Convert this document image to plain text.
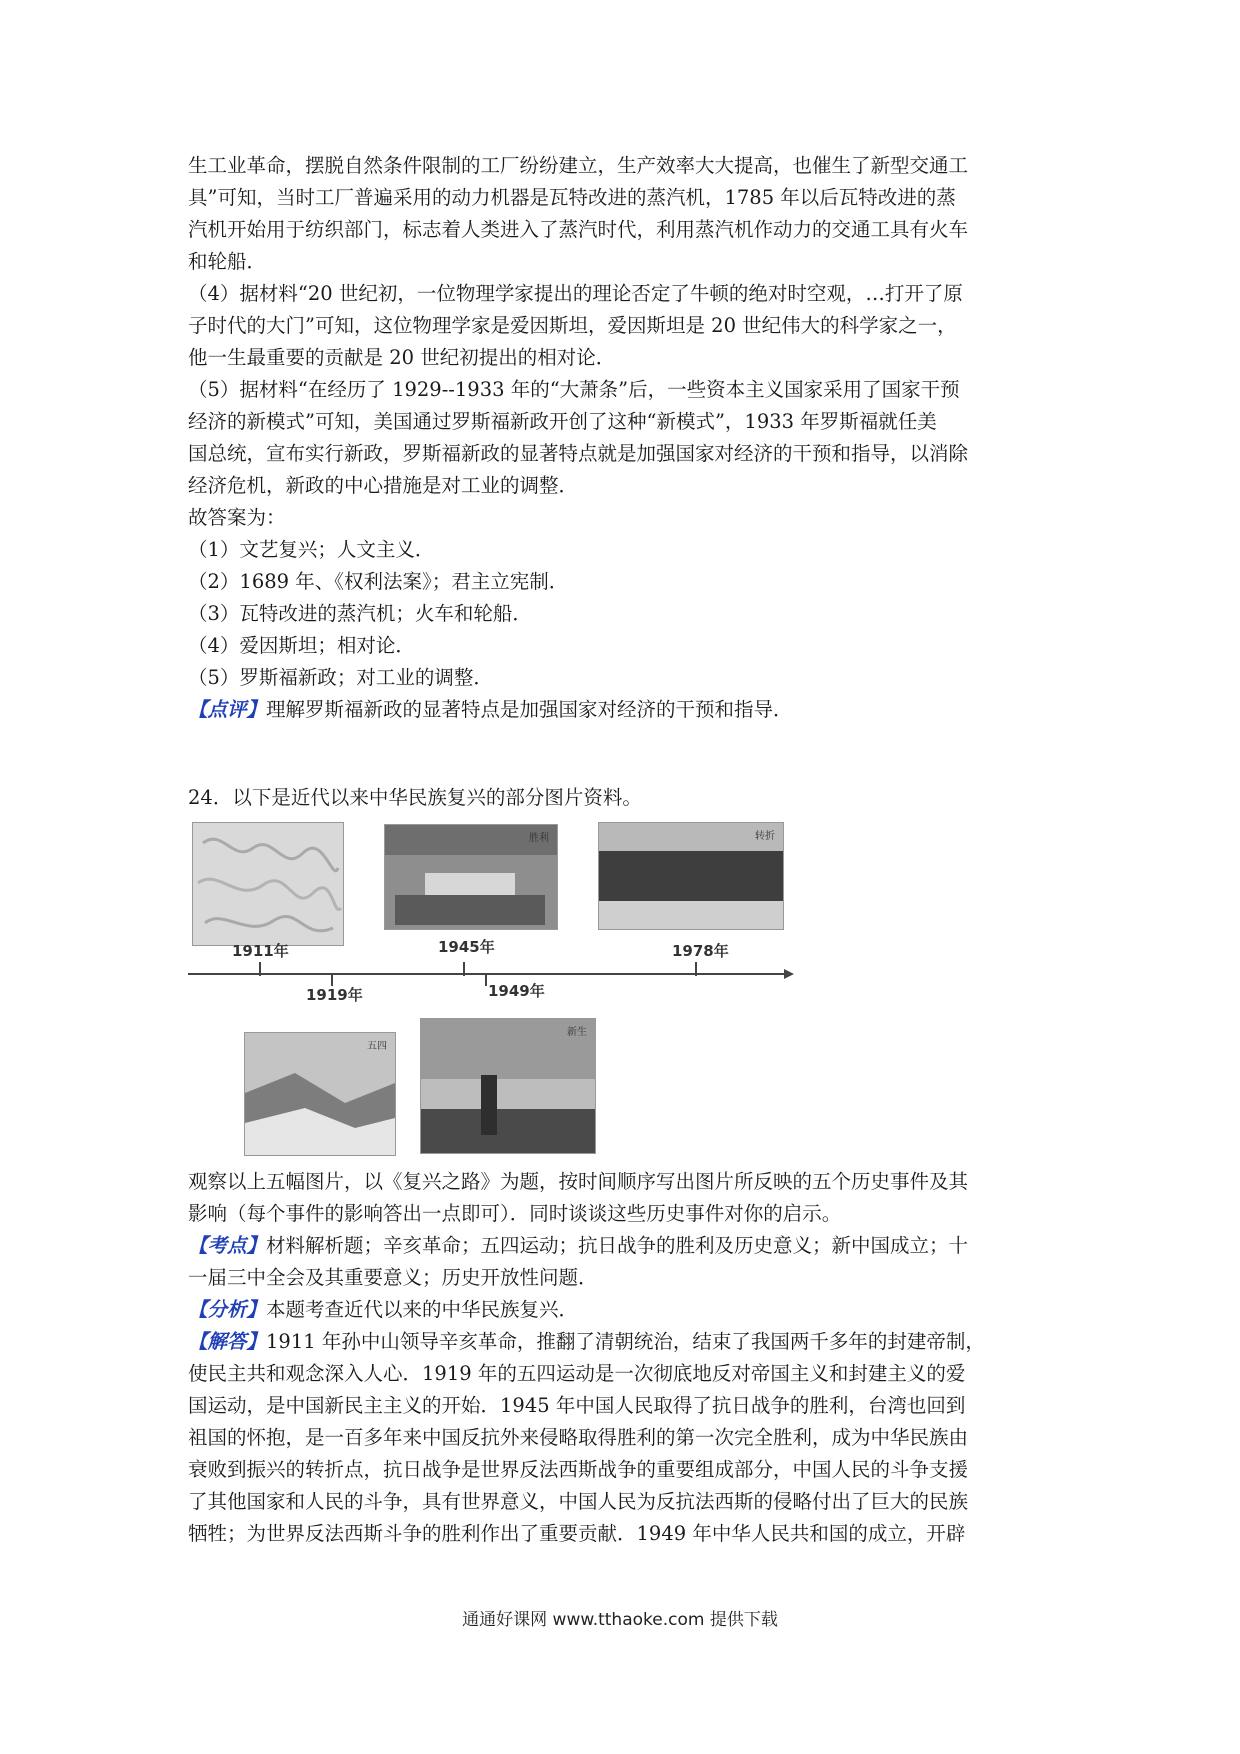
生工业革命，摆脱自然条件限制的工厂纷纷建立，生产效率大大提高，也催生了新型交通工
具”可知，当时工厂普遍采用的动力机器是瓦特改进的蒸汽机，1785 年以后瓦特改进的蒸
汽机开始用于纺织部门，标志着人类进入了蒸汽时代，利用蒸汽机作动力的交通工具有火车
和轮船．
（4）据材料“20 世纪初，一位物理学家提出的理论否定了牛顿的绝对时空观，…打开了原
子时代的大门”可知，这位物理学家是爱因斯坦，爱因斯坦是 20 世纪伟大的科学家之一，
他一生最重要的贡献是 20 世纪初提出的相对论．
（5）据材料“在经历了 1929--1933 年的“大萧条”后，一些资本主义国家采用了国家干预
经济的新模式”可知，美国通过罗斯福新政开创了这种“新模式”，1933 年罗斯福就任美
国总统，宣布实行新政，罗斯福新政的显著特点就是加强国家对经济的干预和指导，以消除
经济危机，新政的中心措施是对工业的调整．
故答案为：
（1）文艺复兴；人文主义．
（2）1689 年、《权利法案》；君主立宪制．
（3）瓦特改进的蒸汽机；火车和轮船．
（4）爱因斯坦；相对论．
（5）罗斯福新政；对工业的调整．
【点评】理解罗斯福新政的显著特点是加强国家对经济的干预和指导．
24．以下是近代以来中华民族复兴的部分图片资料。
胜利	转折
1911年	1945年	1978年
1919年	1949年
五四
新生
观察以上五幅图片，以《复兴之路》为题，按时间顺序写出图片所反映的五个历史事件及其
影响（每个事件的影响答出一点即可）．同时谈谈这些历史事件对你的启示。
【考点】材料解析题；辛亥革命；五四运动；抗日战争的胜利及历史意义；新中国成立；十
一届三中全会及其重要意义；历史开放性问题．
【分析】本题考查近代以来的中华民族复兴．
【解答】1911 年孙中山领导辛亥革命，推翻了清朝统治，结束了我国两千多年的封建帝制，
使民主共和观念深入人心．1919 年的五四运动是一次彻底地反对帝国主义和封建主义的爱
国运动，是中国新民主主义的开始．1945 年中国人民取得了抗日战争的胜利，台湾也回到
祖国的怀抱，是一百多年来中国反抗外来侵略取得胜利的第一次完全胜利，成为中华民族由
衰败到振兴的转折点，抗日战争是世界反法西斯战争的重要组成部分，中国人民的斗争支援
了其他国家和人民的斗争，具有世界意义，中国人民为反抗法西斯的侵略付出了巨大的民族
牺牲；为世界反法西斯斗争的胜利作出了重要贡献．1949 年中华人民共和国的成立，开辟
通通好课网 www.tthaoke.com 提供下载
